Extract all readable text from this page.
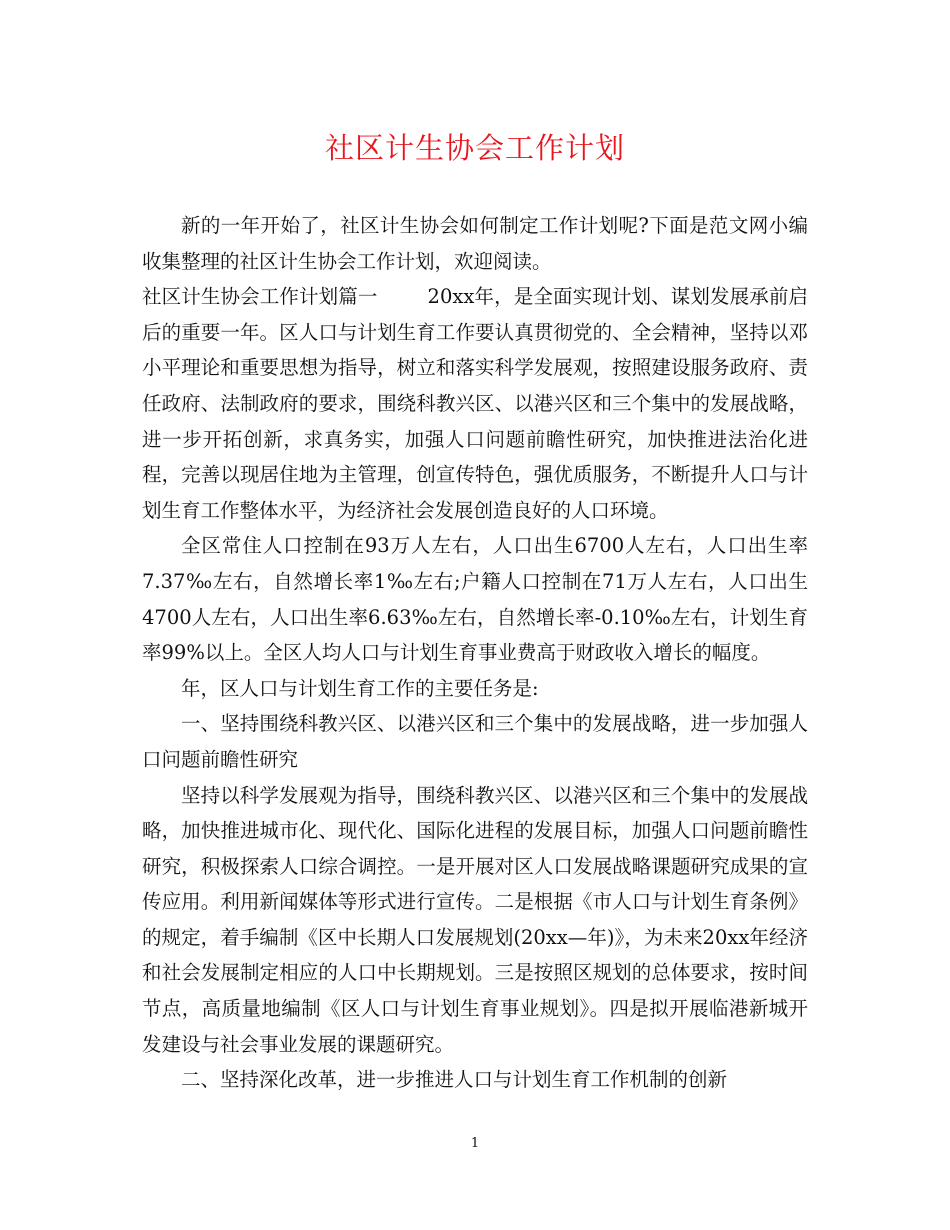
社区计生协会工作计划

新的一年开始了，社区计生协会如何制定工作计划呢?下面是范文网小编收集整理的社区计生协会工作计划，欢迎阅读。

社区计生协会工作计划篇一	20xx年，是全面实现计划、谋划发展承前启后的重要一年。区人口与计划生育工作要认真贯彻党的、全会精神，坚持以邓小平理论和重要思想为指导，树立和落实科学发展观，按照建设服务政府、责任政府、法制政府的要求，围绕科教兴区、以港兴区和三个集中的发展战略，进一步开拓创新，求真务实，加强人口问题前瞻性研究，加快推进法治化进程，完善以现居住地为主管理，创宣传特色，强优质服务，不断提升人口与计划生育工作整体水平，为经济社会发展创造良好的人口环境。

全区常住人口控制在93万人左右，人口出生6700人左右，人口出生率7.37‰左右，自然增长率1‰左右;户籍人口控制在71万人左右，人口出生4700人左右，人口出生率6.63‰左右，自然增长率-0.10‰左右，计划生育率99%以上。全区人均人口与计划生育事业费高于财政收入增长的幅度。

年，区人口与计划生育工作的主要任务是:

一、坚持围绕科教兴区、以港兴区和三个集中的发展战略，进一步加强人口问题前瞻性研究

坚持以科学发展观为指导，围绕科教兴区、以港兴区和三个集中的发展战略，加快推进城市化、现代化、国际化进程的发展目标，加强人口问题前瞻性研究，积极探索人口综合调控。一是开展对区人口发展战略课题研究成果的宣传应用。利用新闻媒体等形式进行宣传。二是根据《市人口与计划生育条例》的规定，着手编制《区中长期人口发展规划(20xx—年)》，为未来20xx年经济和社会发展制定相应的人口中长期规划。三是按照区规划的总体要求，按时间节点，高质量地编制《区人口与计划生育事业规划》。四是拟开展临港新城开发建设与社会事业发展的课题研究。

二、坚持深化改革，进一步推进人口与计划生育工作机制的创新

1
